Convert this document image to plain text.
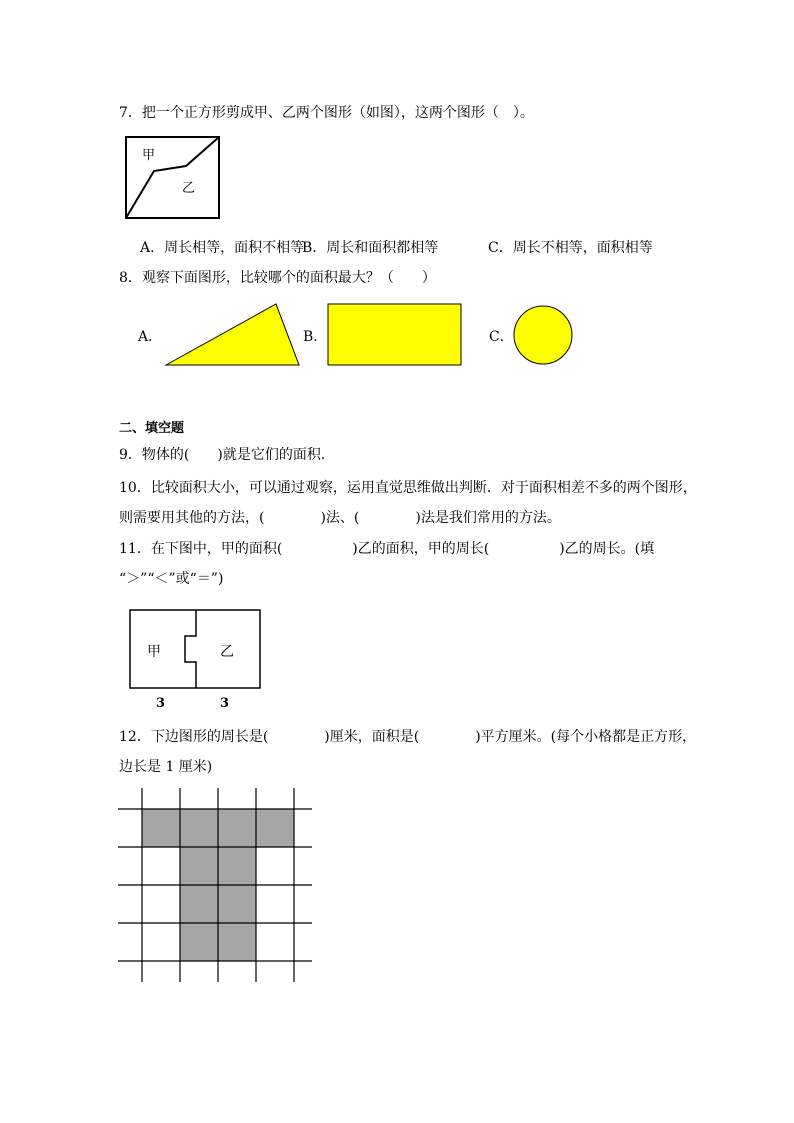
7．把一个正方形剪成甲、乙两个图形（如图），这两个图形（　）。
甲
乙
A．周长相等，面积不相等
B．周长和面积都相等	C．周长不相等，面积相等
8．观察下面图形，比较哪个的面积最大？（　　）
A．	B．	C．
二、填空题
9．物体的(　　)就是它们的面积．
10．比较面积大小，可以通过观察，运用直觉思维做出判断．对于面积相差不多的两个图形，
则需要用其他的方法，(　　　　)法、(　　　　)法是我们常用的方法。
11．在下图中，甲的面积(　　　　　)乙的面积，甲的周长(　　　　　)乙的周长。(填
“＞”“＜”或“＝”)
甲	乙
3	3
12．下边图形的周长是(　　　　)厘米，面积是(　　　　)平方厘米。(每个小格都是正方形，
边长是 1 厘米)
